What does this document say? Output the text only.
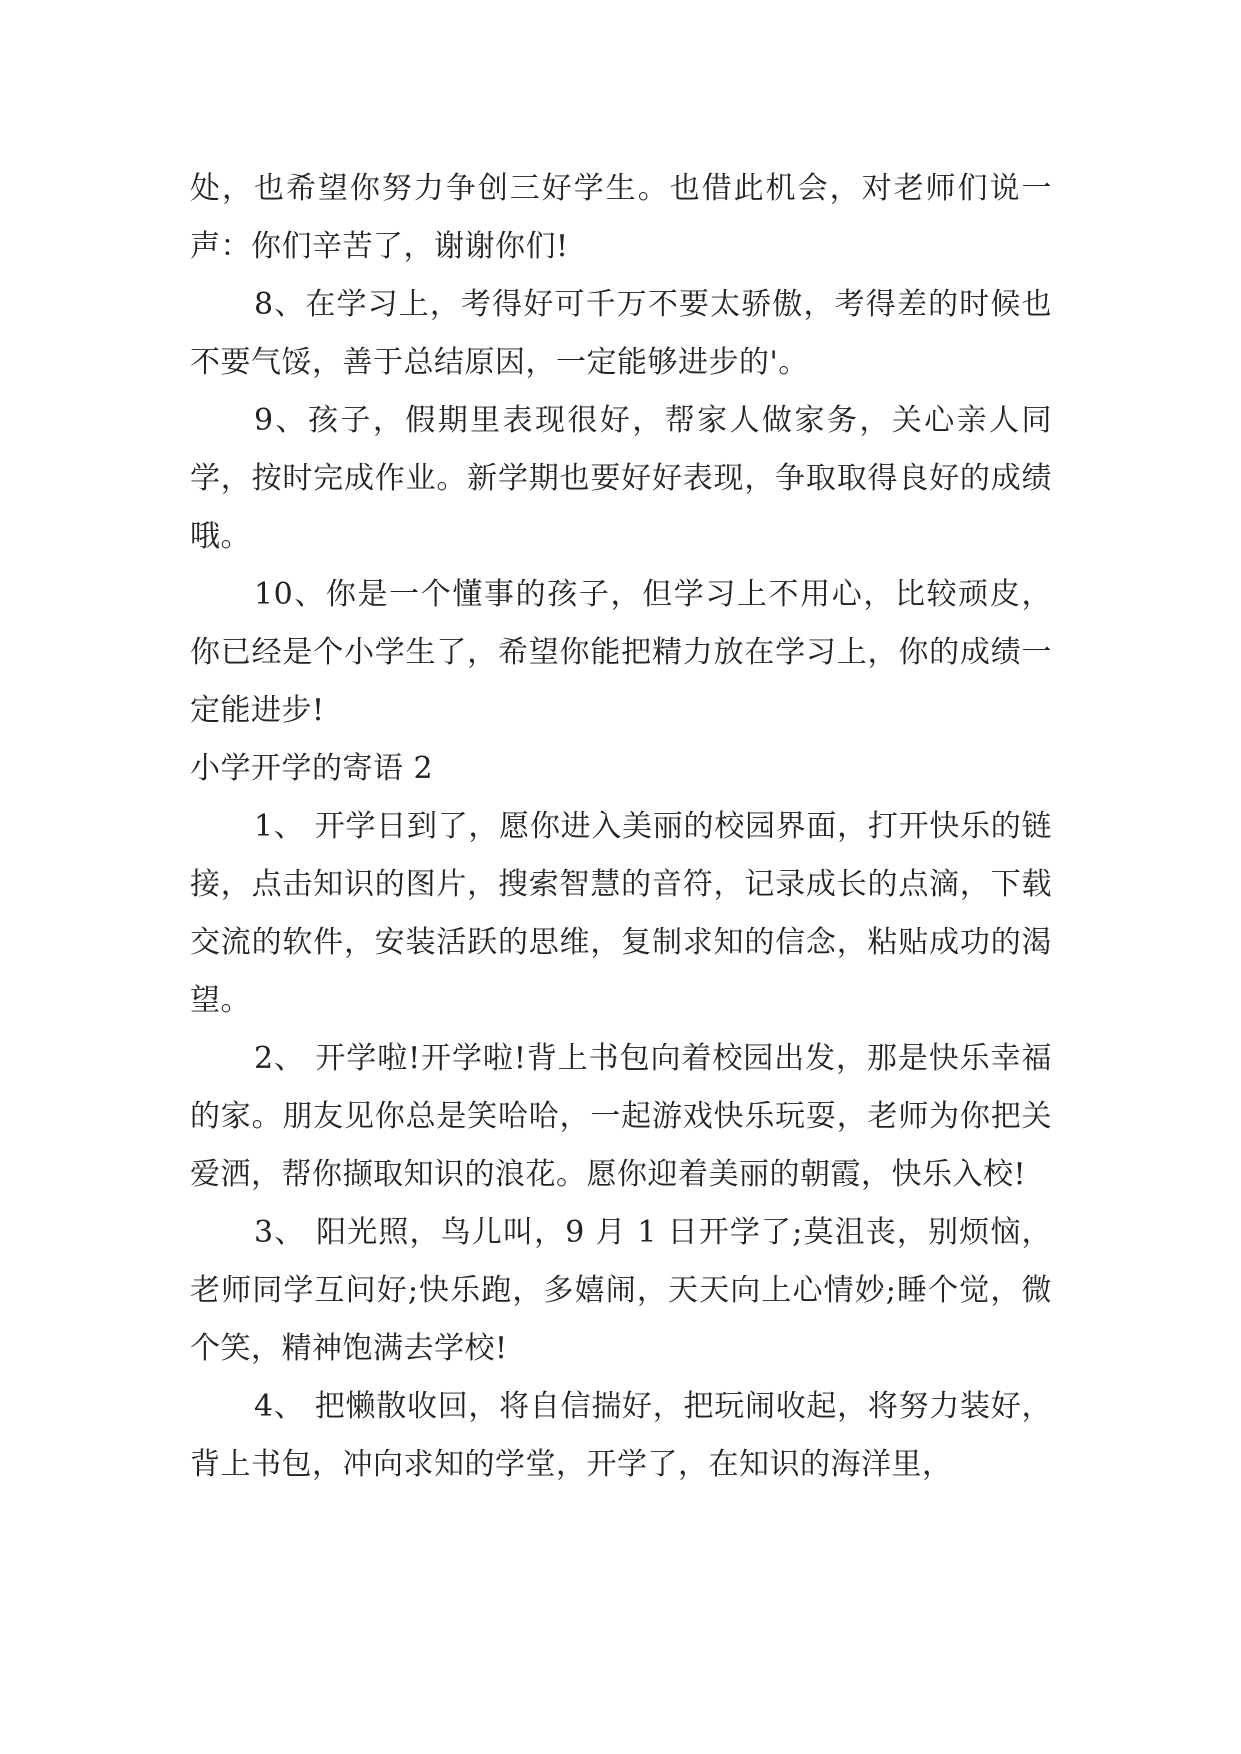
处，也希望你努力争创三好学生。也借此机会，对老师们说一声：你们辛苦了，谢谢你们!

8、在学习上，考得好可千万不要太骄傲，考得差的时候也不要气馁，善于总结原因，一定能够进步的'。

9、孩子，假期里表现很好，帮家人做家务，关心亲人同学，按时完成作业。新学期也要好好表现，争取取得良好的成绩哦。

10、你是一个懂事的孩子，但学习上不用心，比较顽皮，你已经是个小学生了，希望你能把精力放在学习上，你的成绩一定能进步!

小学开学的寄语 2

1、 开学日到了，愿你进入美丽的校园界面，打开快乐的链接，点击知识的图片，搜索智慧的音符，记录成长的点滴，下载交流的软件，安装活跃的思维，复制求知的信念，粘贴成功的渴望。

2、 开学啦!开学啦!背上书包向着校园出发，那是快乐幸福的家。朋友见你总是笑哈哈，一起游戏快乐玩耍，老师为你把关爱洒，帮你撷取知识的浪花。愿你迎着美丽的朝霞，快乐入校!

3、 阳光照，鸟儿叫，9 月 1 日开学了;莫沮丧，别烦恼，老师同学互问好;快乐跑，多嬉闹，天天向上心情妙;睡个觉，微个笑，精神饱满去学校!

4、 把懒散收回，将自信揣好，把玩闹收起，将努力装好，背上书包，冲向求知的学堂，开学了，在知识的海洋里，
